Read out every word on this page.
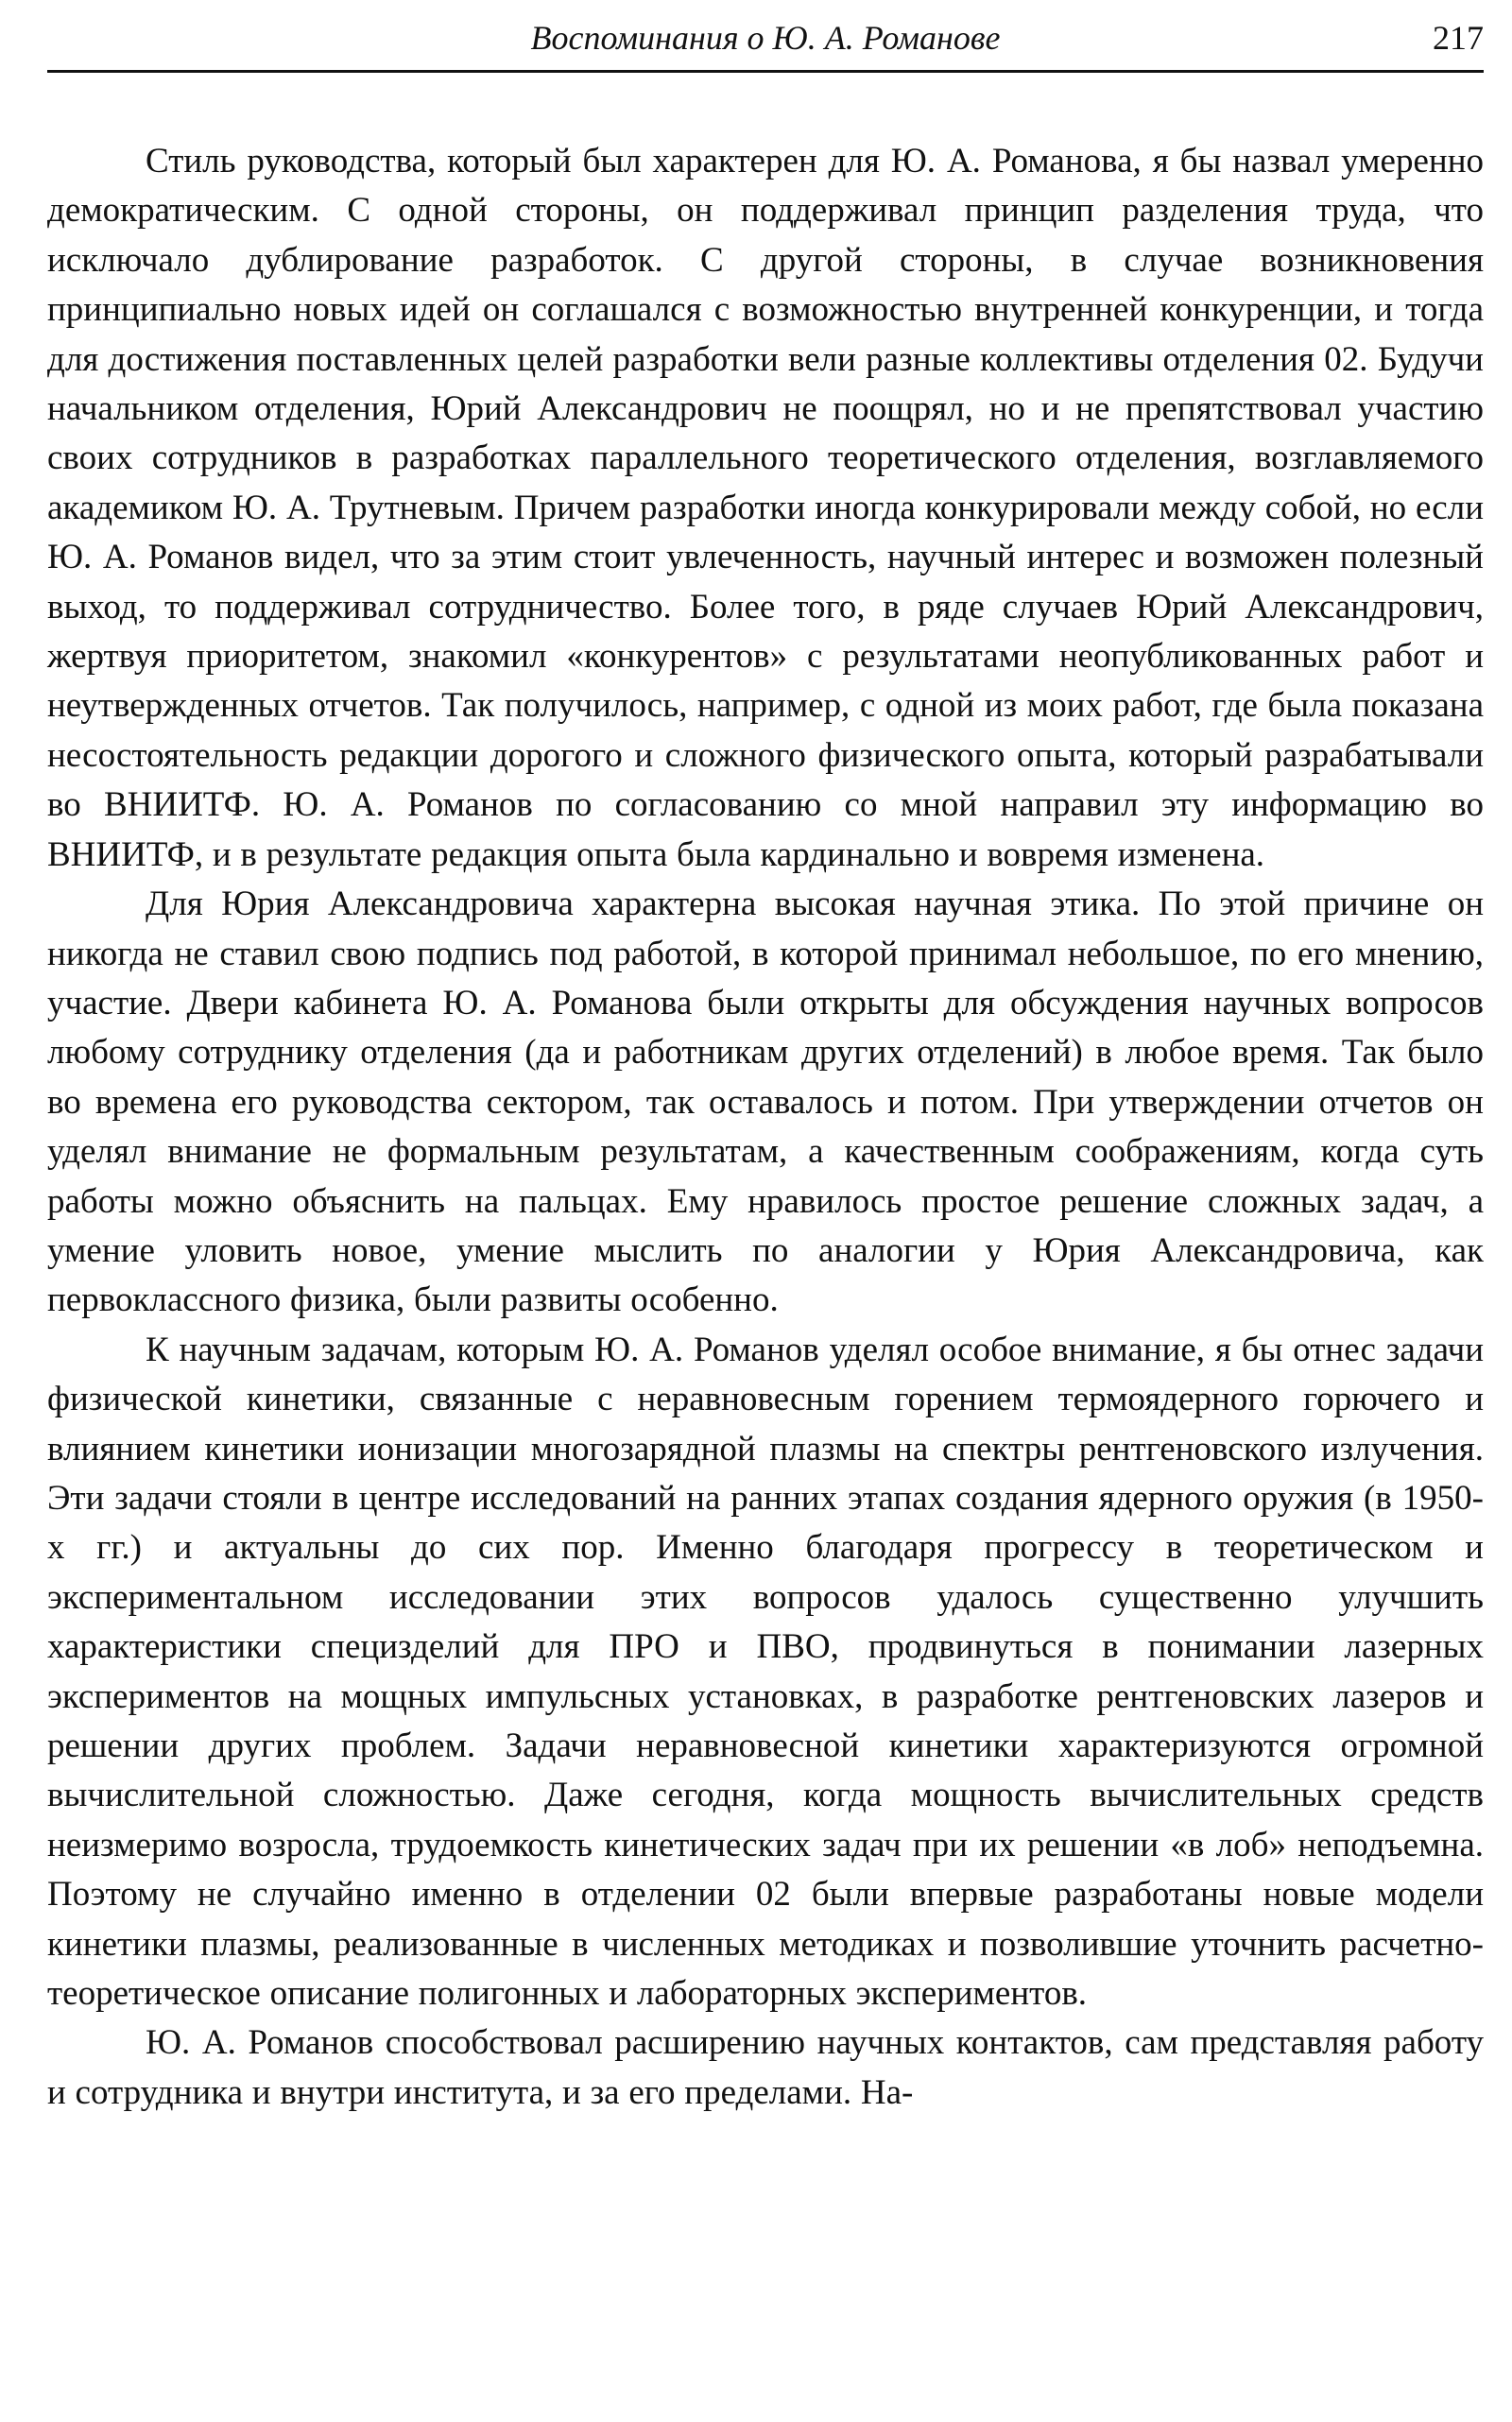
Воспоминания о Ю. А. Романове	217

Стиль руководства, который был характерен для Ю. А. Романова, я бы назвал умеренно демократическим. С одной стороны, он поддерживал принцип разделения труда, что исключало дублирование разработок. С другой стороны, в случае возникновения принципиально новых идей он соглашался с возможностью внутренней конкуренции, и тогда для достижения поставленных целей разработки вели разные коллективы отделения 02. Будучи начальником отделения, Юрий Александрович не поощрял, но и не препятствовал участию своих сотрудников в разработках параллельного теоретического отделения, возглавляемого академиком Ю. А. Трутневым. Причем разработки иногда конкурировали между собой, но если Ю. А. Романов видел, что за этим стоит увлеченность, научный интерес и возможен полезный выход, то поддерживал сотрудничество. Более того, в ряде случаев Юрий Александрович, жертвуя приоритетом, знакомил «конкурентов» с результатами неопубликованных работ и неутвержденных отчетов. Так получилось, например, с одной из моих работ, где была показана несостоятельность редакции дорогого и сложного физического опыта, который разрабатывали во ВНИИТФ. Ю. А. Романов по согласованию со мной направил эту информацию во ВНИИТФ, и в результате редакция опыта была кардинально и вовремя изменена.

Для Юрия Александровича характерна высокая научная этика. По этой причине он никогда не ставил свою подпись под работой, в которой принимал небольшое, по его мнению, участие. Двери кабинета Ю. А. Романова были открыты для обсуждения научных вопросов любому сотруднику отделения (да и работникам других отделений) в любое время. Так было во времена его руководства сектором, так оставалось и потом. При утверждении отчетов он уделял внимание не формальным результатам, а качественным соображениям, когда суть работы можно объяснить на пальцах. Ему нравилось простое решение сложных задач, а умение уловить новое, умение мыслить по аналогии у Юрия Александровича, как первоклассного физика, были развиты особенно.

К научным задачам, которым Ю. А. Романов уделял особое внимание, я бы отнес задачи физической кинетики, связанные с неравновесным горением термоядерного горючего и влиянием кинетики ионизации многозарядной плазмы на спектры рентгеновского излучения. Эти задачи стояли в центре исследований на ранних этапах создания ядерного оружия (в 1950-х гг.) и актуальны до сих пор. Именно благодаря прогрессу в теоретическом и экспериментальном исследовании этих вопросов удалось существенно улучшить характеристики специзделий для ПРО и ПВО, продвинуться в понимании лазерных экспериментов на мощных импульсных установках, в разработке рентгеновских лазеров и решении других проблем. Задачи неравновесной кинетики характеризуются огромной вычислительной сложностью. Даже сегодня, когда мощность вычислительных средств неизмеримо возросла, трудоемкость кинетических задач при их решении «в лоб» неподъемна. Поэтому не случайно именно в отделении 02 были впервые разработаны новые модели кинетики плазмы, реализованные в численных методиках и позволившие уточнить расчетно-теоретическое описание полигонных и лабораторных экспериментов.

Ю. А. Романов способствовал расширению научных контактов, сам представляя работу и сотрудника и внутри института, и за его пределами. На-
